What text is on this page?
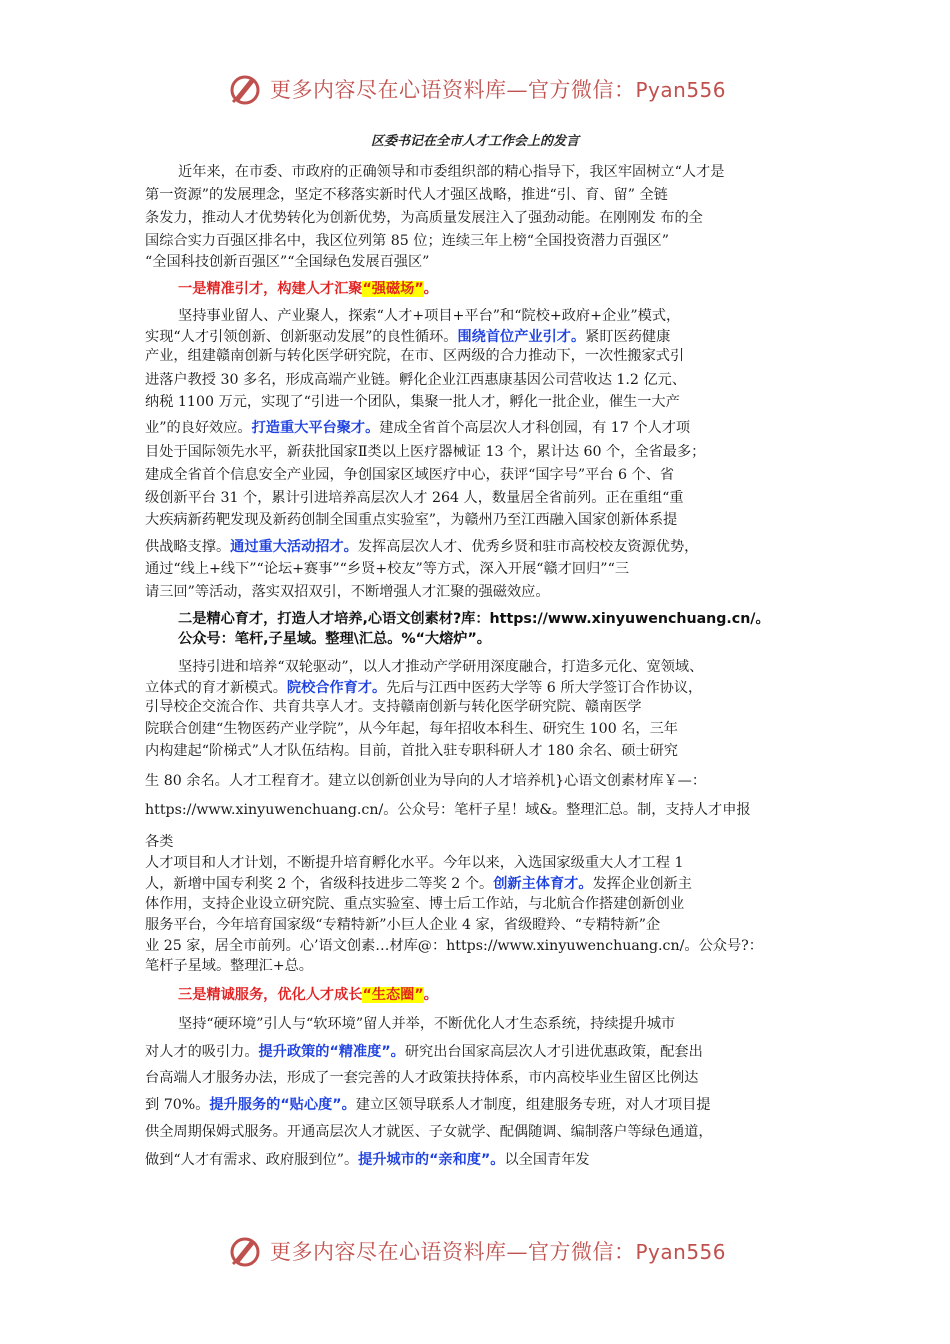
更多内容尽在心语资料库—官方微信：Pyan556
区委书记在全市人才工作会上的发言
近年来，在市委、市政府的正确领导和市委组织部的精心指导下，我区牢固树立“人才是
第一资源”的发展理念，坚定不移落实新时代人才强区战略，推进“引、育、留” 全链
条发力，推动人才优势转化为创新优势，为高质量发展注入了强劲动能。在刚刚发 布的全
国综合实力百强区排名中，我区位列第 85 位；连续三年上榜“全国投资潜力百强区”
“全国科技创新百强区”“全国绿色发展百强区”
一是精准引才，构建人才汇聚“强磁场”。
坚持事业留人、产业聚人，探索“人才+项目+平台”和“院校+政府+企业”模式，
实现“人才引领创新、创新驱动发展”的良性循环。围绕首位产业引才。紧盯医药健康
产业，组建赣南创新与转化医学研究院，在市、区两级的合力推动下，一次性搬家式引
进落户教授 30 多名，形成高端产业链。孵化企业江西惠康基因公司营收达 1.2 亿元、
纳税 1100 万元，实现了“引进一个团队，集聚一批人才，孵化一批企业，催生一大产
业”的良好效应。打造重大平台聚才。建成全省首个高层次人才科创园，有 17 个人才项
目处于国际领先水平，新获批国家Ⅱ类以上医疗器械证 13 个，累计达 60 个，全省最多；
建成全省首个信息安全产业园，争创国家区域医疗中心，获评“国字号”平台 6 个、省
级创新平台 31 个，累计引进培养高层次人才 264 人，数量居全省前列。正在重组“重
大疾病新药靶发现及新药创制全国重点实验室”，为赣州乃至江西融入国家创新体系提
供战略支撑。通过重大活动招才。发挥高层次人才、优秀乡贤和驻市高校校友资源优势，
通过“线上+线下”“论坛+赛事”“乡贤+校友”等方式，深入开展“赣才回归”“三
请三回”等活动，落实双招双引，不断增强人才汇聚的强磁效应。
二是精心育才，打造人才培养,心语文创素材?库：https://www.xinyuwenchuang.cn/。
公众号：笔杆,子星域。整理\汇总。%“大熔炉”。
坚持引进和培养“双轮驱动”，以人才推动产学研用深度融合，打造多元化、宽领域、
立体式的育才新模式。院校合作育才。先后与江西中医药大学等 6 所大学签订合作协议，
引导校企交流合作、共育共享人才。支持赣南创新与转化医学研究院、赣南医学
院联合创建“生物医药产业学院”，从今年起，每年招收本科生、研究生 100 名，三年
内构建起“阶梯式”人才队伍结构。目前，首批入驻专职科研人才 180 余名、硕士研究
生 80 余名。人才工程育才。建立以创新创业为导向的人才培养机}心语文创素材库￥—：
https://www.xinyuwenchuang.cn/。公众号：笔杆子星！域&。整理汇总。制，支持人才申报
各类
人才项目和人才计划，不断提升培育孵化水平。今年以来，入选国家级重大人才工程 1
人，新增中国专利奖 2 个，省级科技进步二等奖 2 个。创新主体育才。发挥企业创新主
体作用，支持企业设立研究院、重点实验室、博士后工作站，与北航合作搭建创新创业
服务平台，今年培育国家级“专精特新”小巨人企业 4 家，省级瞪羚、“专精特新”企
业 25 家，居全市前列。心’语文创素…材库@：https://www.xinyuwenchuang.cn/。公众号?：
笔杆子星域。整理汇+总。
三是精诚服务，优化人才成长“生态圈”。
坚持“硬环境”引人与“软环境”留人并举，不断优化人才生态系统，持续提升城市
对人才的吸引力。提升政策的“精准度”。研究出台国家高层次人才引进优惠政策，配套出
台高端人才服务办法，形成了一套完善的人才政策扶持体系，市内高校毕业生留区比例达
到 70%。提升服务的“贴心度”。建立区领导联系人才制度，组建服务专班，对人才项目提
供全周期保姆式服务。开通高层次人才就医、子女就学、配偶随调、编制落户等绿色通道，
做到“人才有需求、政府服到位”。提升城市的“亲和度”。以全国青年发
更多内容尽在心语资料库—官方微信：Pyan556
